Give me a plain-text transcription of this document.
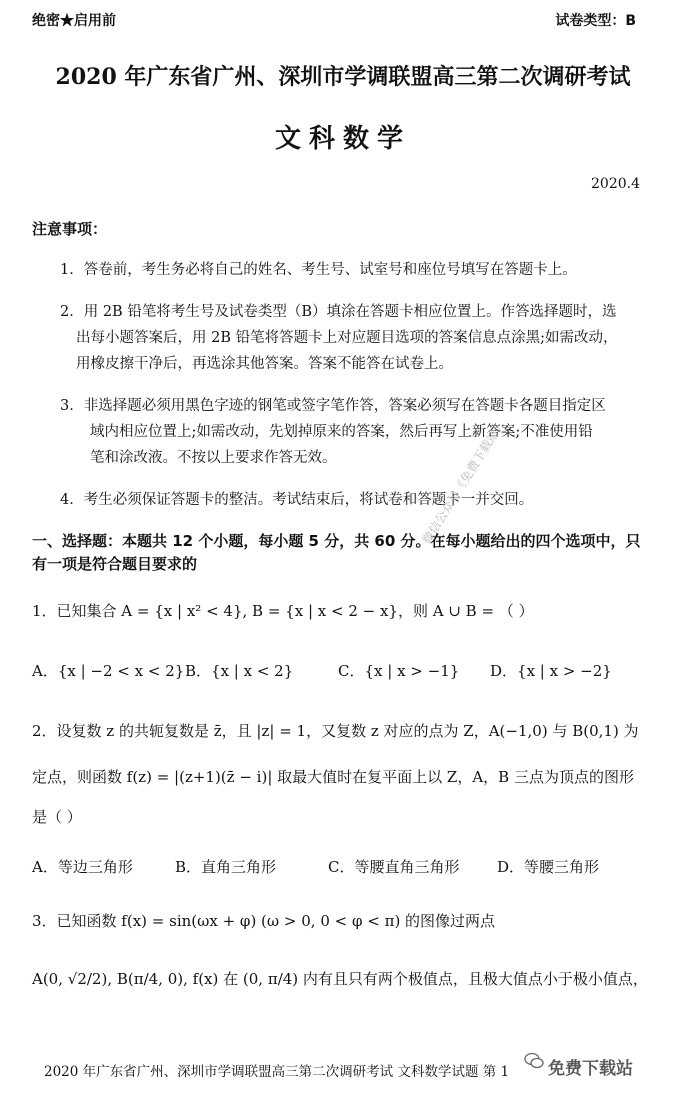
绝密★启用前	试卷类型：B
2020 年广东省广州、深圳市学调联盟高三第二次调研考试
文科数学
2020.4
注意事项：
1．答卷前，考生务必将自己的姓名、考生号、试室号和座位号填写在答题卡上。
2．用 2B 铅笔将考生号及试卷类型（B）填涂在答题卡相应位置上。作答选择题时，选
出每小题答案后，用 2B 铅笔将答题卡上对应题目选项的答案信息点涂黑;如需改动，
用橡皮擦干净后，再选涂其他答案。答案不能答在试卷上。
3．非选择题必须用黑色字迹的钢笔或签字笔作答，答案必须写在答题卡各题目指定区
域内相应位置上;如需改动，先划掉原来的答案，然后再写上新答案;不准使用铅
笔和涂改液。不按以上要求作答无效。
4．考生必须保证答题卡的整洁。考试结束后，将试卷和答题卡一并交回。
一、选择题：本题共 12 个小题，每小题 5 分，共 60 分。在每小题给出的四个选项中，只
有一项是符合题目要求的
微信公众号《免费下载站》
1．已知集合 A = {x | x² < 4}, B = {x | x < 2 − x}，则 A ∪ B = （ ）
A．{x | −2 < x < 2} B．{x | x < 2}	C．{x | x > −1} D．{x | x > −2}
2．设复数 z 的共轭复数是 z̄，且 |z| = 1，又复数 z 对应的点为 Z，A(−1,0) 与 B(0,1) 为
定点，则函数 f(z) = |(z+1)(z̄ − i)| 取最大值时在复平面上以 Z，A，B 三点为顶点的图形
是（ ）
A．等边三角形	B．直角三角形	C．等腰直角三角形	D．等腰三角形
3．已知函数 f(x) = sin(ωx + φ) (ω > 0, 0 < φ < π) 的图像过两点
A(0, √2/2), B(π/4, 0), f(x) 在 (0, π/4) 内有且只有两个极值点，且极大值点小于极小值点，
2020 年广东省广州、深圳市学调联盟高三第二次调研考试 文科数学试题 第 1 免费下载站
